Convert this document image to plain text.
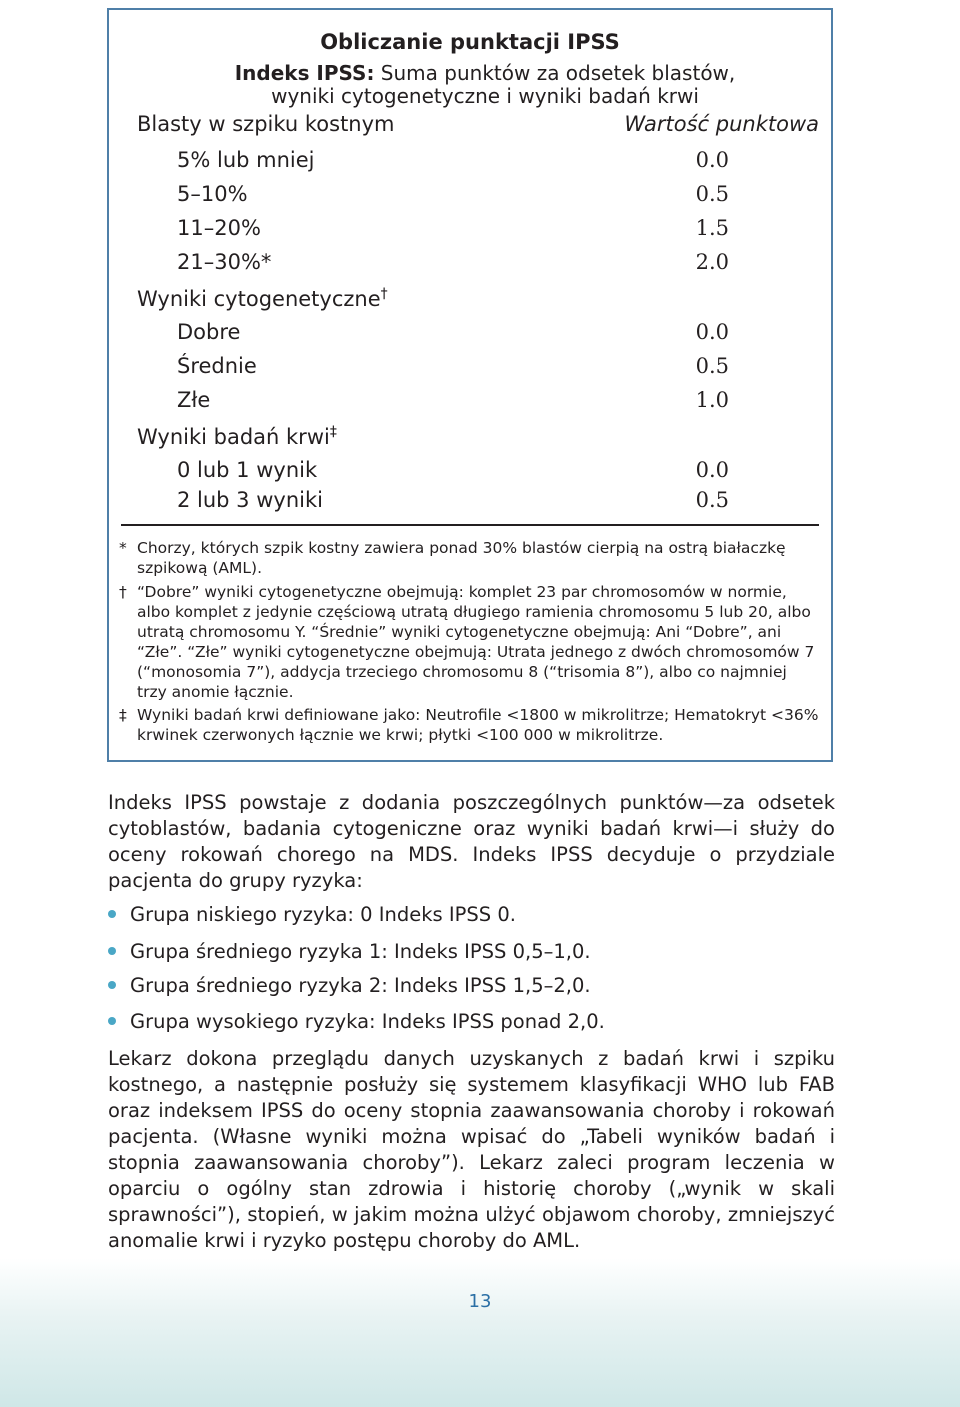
Obliczanie punktacji IPSS
Indeks IPSS: Suma punktów za odsetek blastów,
wyniki cytogenetyczne i wyniki badań krwi
Blasty w szpiku kostnym	Wartość punktowa
5% lub mniej	0.0
5–10%	0.5
11–20%	1.5
21–30%*	2.0
Wyniki cytogenetyczne†
Dobre	0.0
Średnie	0.5
Złe	1.0
Wyniki badań krwi‡
0 lub 1 wynik	0.0
2 lub 3 wyniki	0.5
* Chorzy, których szpik kostny zawiera ponad 30% blastów cierpią na ostrą białaczkę szpikową (AML).
† “Dobre” wyniki cytogenetyczne obejmują: komplet 23 par chromosomów w normie, albo komplet z jedynie częściową utratą długiego ramienia chromosomu 5 lub 20, albo utratą chromosomu Y. “Średnie” wyniki cytogenetyczne obejmują: Ani “Dobre”, ani “Złe”. “Złe” wyniki cytogenetyczne obejmują: Utrata jednego z dwóch chromosomów 7 (“monosomia 7”), addycja trzeciego chromosomu 8 (“trisomia 8”), albo co najmniej trzy anomie łącznie.
‡ Wyniki badań krwi definiowane jako: Neutrofile <1800 w mikrolitrze; Hematokryt <36% krwinek czerwonych łącznie we krwi; płytki <100 000 w mikrolitrze.
Indeks IPSS powstaje z dodania poszczególnych punktów—za odsetek cytoblastów, badania cytogeniczne oraz wyniki badań krwi—i służy do oceny rokowań chorego na MDS. Indeks IPSS decyduje o przydziale pacjenta do grupy ryzyka:
Grupa niskiego ryzyka: 0 Indeks IPSS 0.
Grupa średniego ryzyka 1: Indeks IPSS 0,5–1,0.
Grupa średniego ryzyka 2: Indeks IPSS 1,5–2,0.
Grupa wysokiego ryzyka: Indeks IPSS ponad 2,0.
Lekarz dokona przeglądu danych uzyskanych z badań krwi i szpiku kostnego, a następnie posłuży się systemem klasyfikacji WHO lub FAB oraz indeksem IPSS do oceny stopnia zaawansowania choroby i rokowań pacjenta. (Własne wyniki można wpisać do „Tabeli wyników badań i stopnia zaawansowania choroby”). Lekarz zaleci program leczenia w oparciu o ogólny stan zdrowia i historię choroby („wynik w skali sprawności”), stopień, w jakim można ulżyć objawom choroby, zmniejszyć anomalie krwi i ryzyko postępu choroby do AML.
13
